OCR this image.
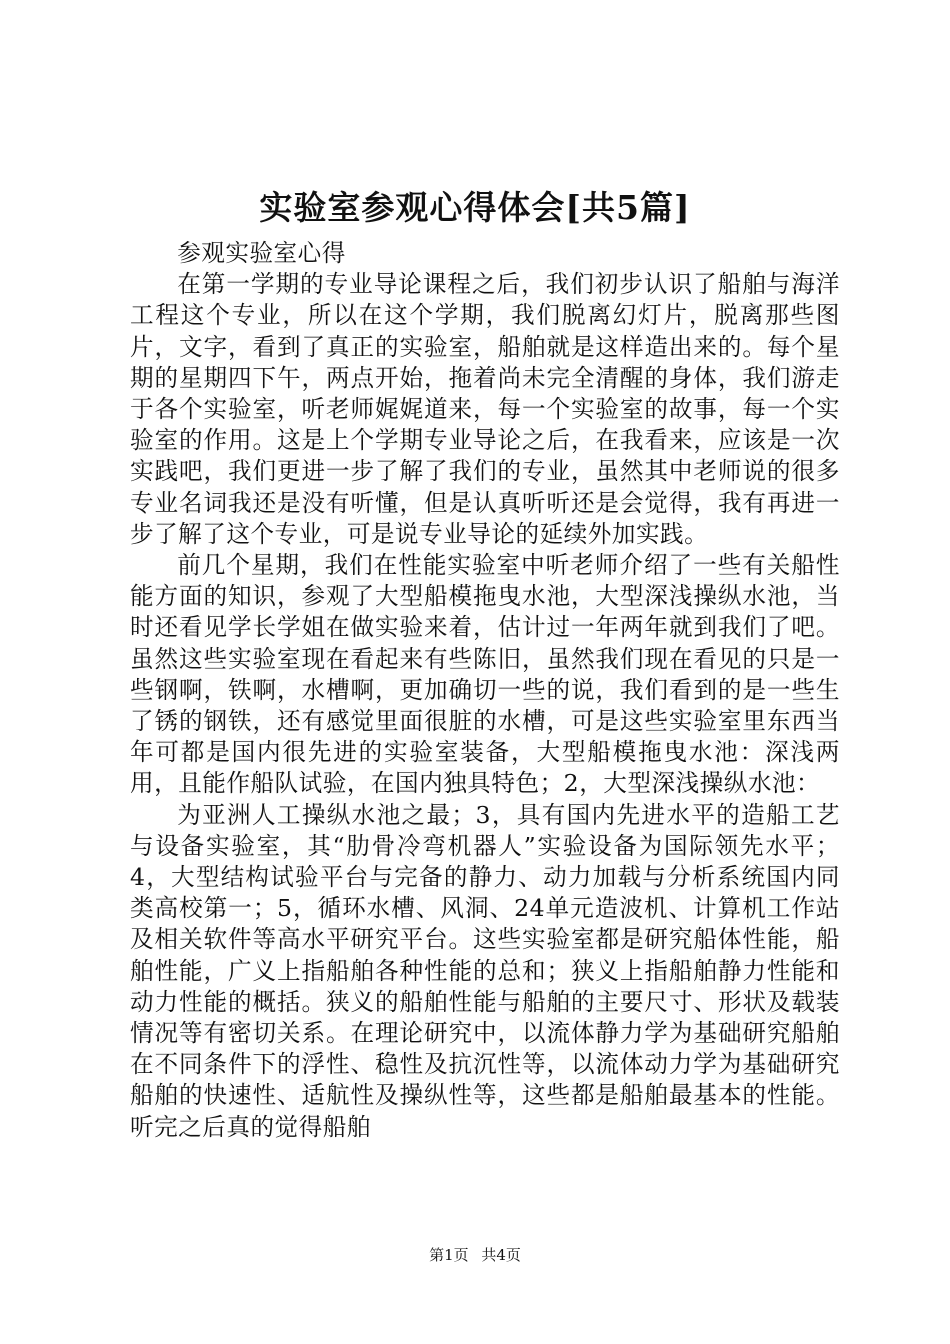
实验室参观心得体会[共5篇]

参观实验室心得

在第一学期的专业导论课程之后，我们初步认识了船舶与海洋工程这个专业，所以在这个学期，我们脱离幻灯片，脱离那些图片，文字，看到了真正的实验室，船舶就是这样造出来的。每个星期的星期四下午，两点开始，拖着尚未完全清醒的身体，我们游走于各个实验室，听老师娓娓道来，每一个实验室的故事，每一个实验室的作用。这是上个学期专业导论之后，在我看来，应该是一次实践吧，我们更进一步了解了我们的专业，虽然其中老师说的很多专业名词我还是没有听懂，但是认真听听还是会觉得，我有再进一步了解了这个专业，可是说专业导论的延续外加实践。

前几个星期，我们在性能实验室中听老师介绍了一些有关船性能方面的知识，参观了大型船模拖曳水池，大型深浅操纵水池，当时还看见学长学姐在做实验来着，估计过一年两年就到我们了吧。虽然这些实验室现在看起来有些陈旧，虽然我们现在看见的只是一些钢啊，铁啊，水槽啊，更加确切一些的说，我们看到的是一些生了锈的钢铁，还有感觉里面很脏的水槽，可是这些实验室里东西当年可都是国内很先进的实验室装备，大型船模拖曳水池：深浅两用，且能作船队试验，在国内独具特色；2，大型深浅操纵水池：

为亚洲人工操纵水池之最；3，具有国内先进水平的造船工艺与设备实验室，其“肋骨冷弯机器人”实验设备为国际领先水平；4，大型结构试验平台与完备的静力、动力加载与分析系统国内同类高校第一；5，循环水槽、风洞、24单元造波机、计算机工作站及相关软件等高水平研究平台。这些实验室都是研究船体性能，船舶性能，广义上指船舶各种性能的总和；狭义上指船舶静力性能和动力性能的概括。狭义的船舶性能与船舶的主要尺寸、形状及载装情况等有密切关系。在理论研究中，以流体静力学为基础研究船舶在不同条件下的浮性、稳性及抗沉性等，以流体动力学为基础研究船舶的快速性、适航性及操纵性等，这些都是船舶最基本的性能。听完之后真的觉得船舶

第1页 共4页
